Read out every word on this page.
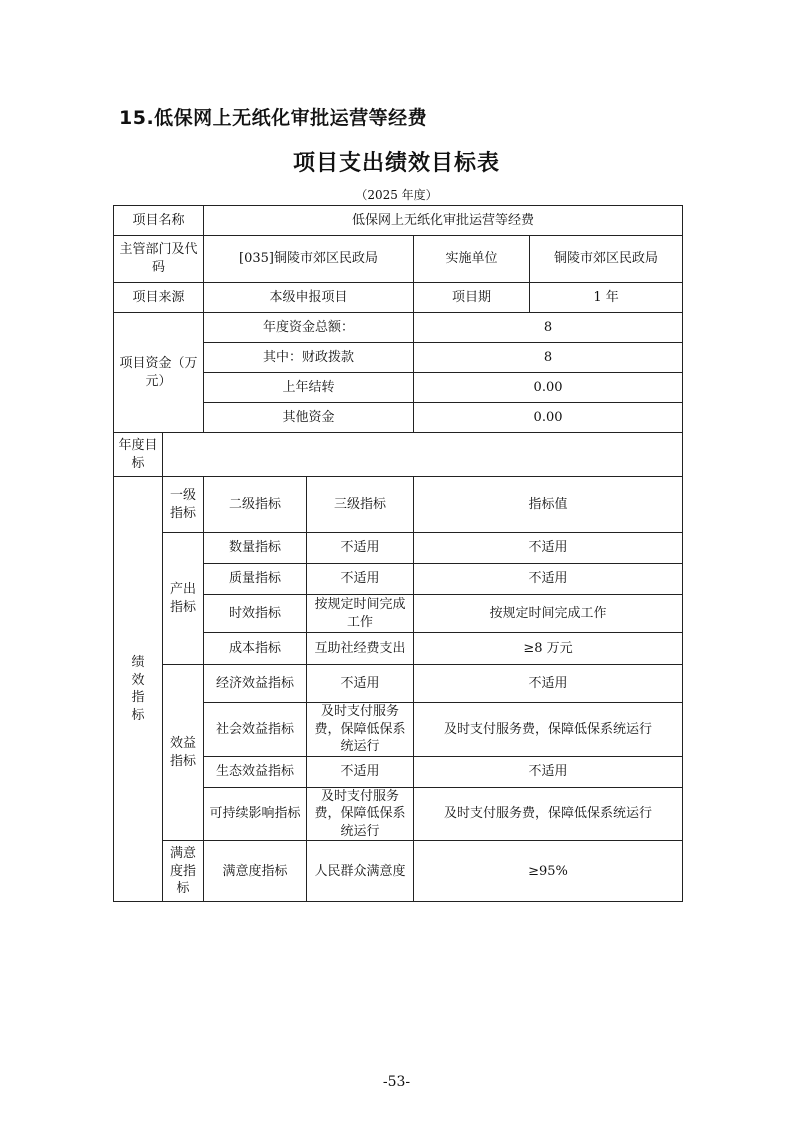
15.低保网上无纸化审批运营等经费
项目支出绩效目标表
（2025 年度）
项目名称		低保网上无纸化审批运营等经费			
主管部门及代码		[035]铜陵市郊区民政局		实施单位	铜陵市郊区民政局
项目来源		本级申报项目		项目期	1 年
项目资金（万元）		年度资金总额：		8	
		其中：财政拨款		8	
		上年结转		0.00	
		其他资金		0.00	
年度目标					
绩效指标	一级指标	二级指标	三级指标	指标值	
	产出指标	数量指标	不适用	不适用	
		质量指标	不适用	不适用	
		时效指标	按规定时间完成工作	按规定时间完成工作	
		成本指标	互助社经费支出	≥8 万元	
	效益指标	经济效益指标	不适用	不适用	
		社会效益指标	及时支付服务费，保障低保系统运行	及时支付服务费，保障低保系统运行	
		生态效益指标	不适用	不适用	
		可持续影响指标	及时支付服务费，保障低保系统运行	及时支付服务费，保障低保系统运行	
	满意度指标	满意度指标	人民群众满意度	≥95%	
-53-
